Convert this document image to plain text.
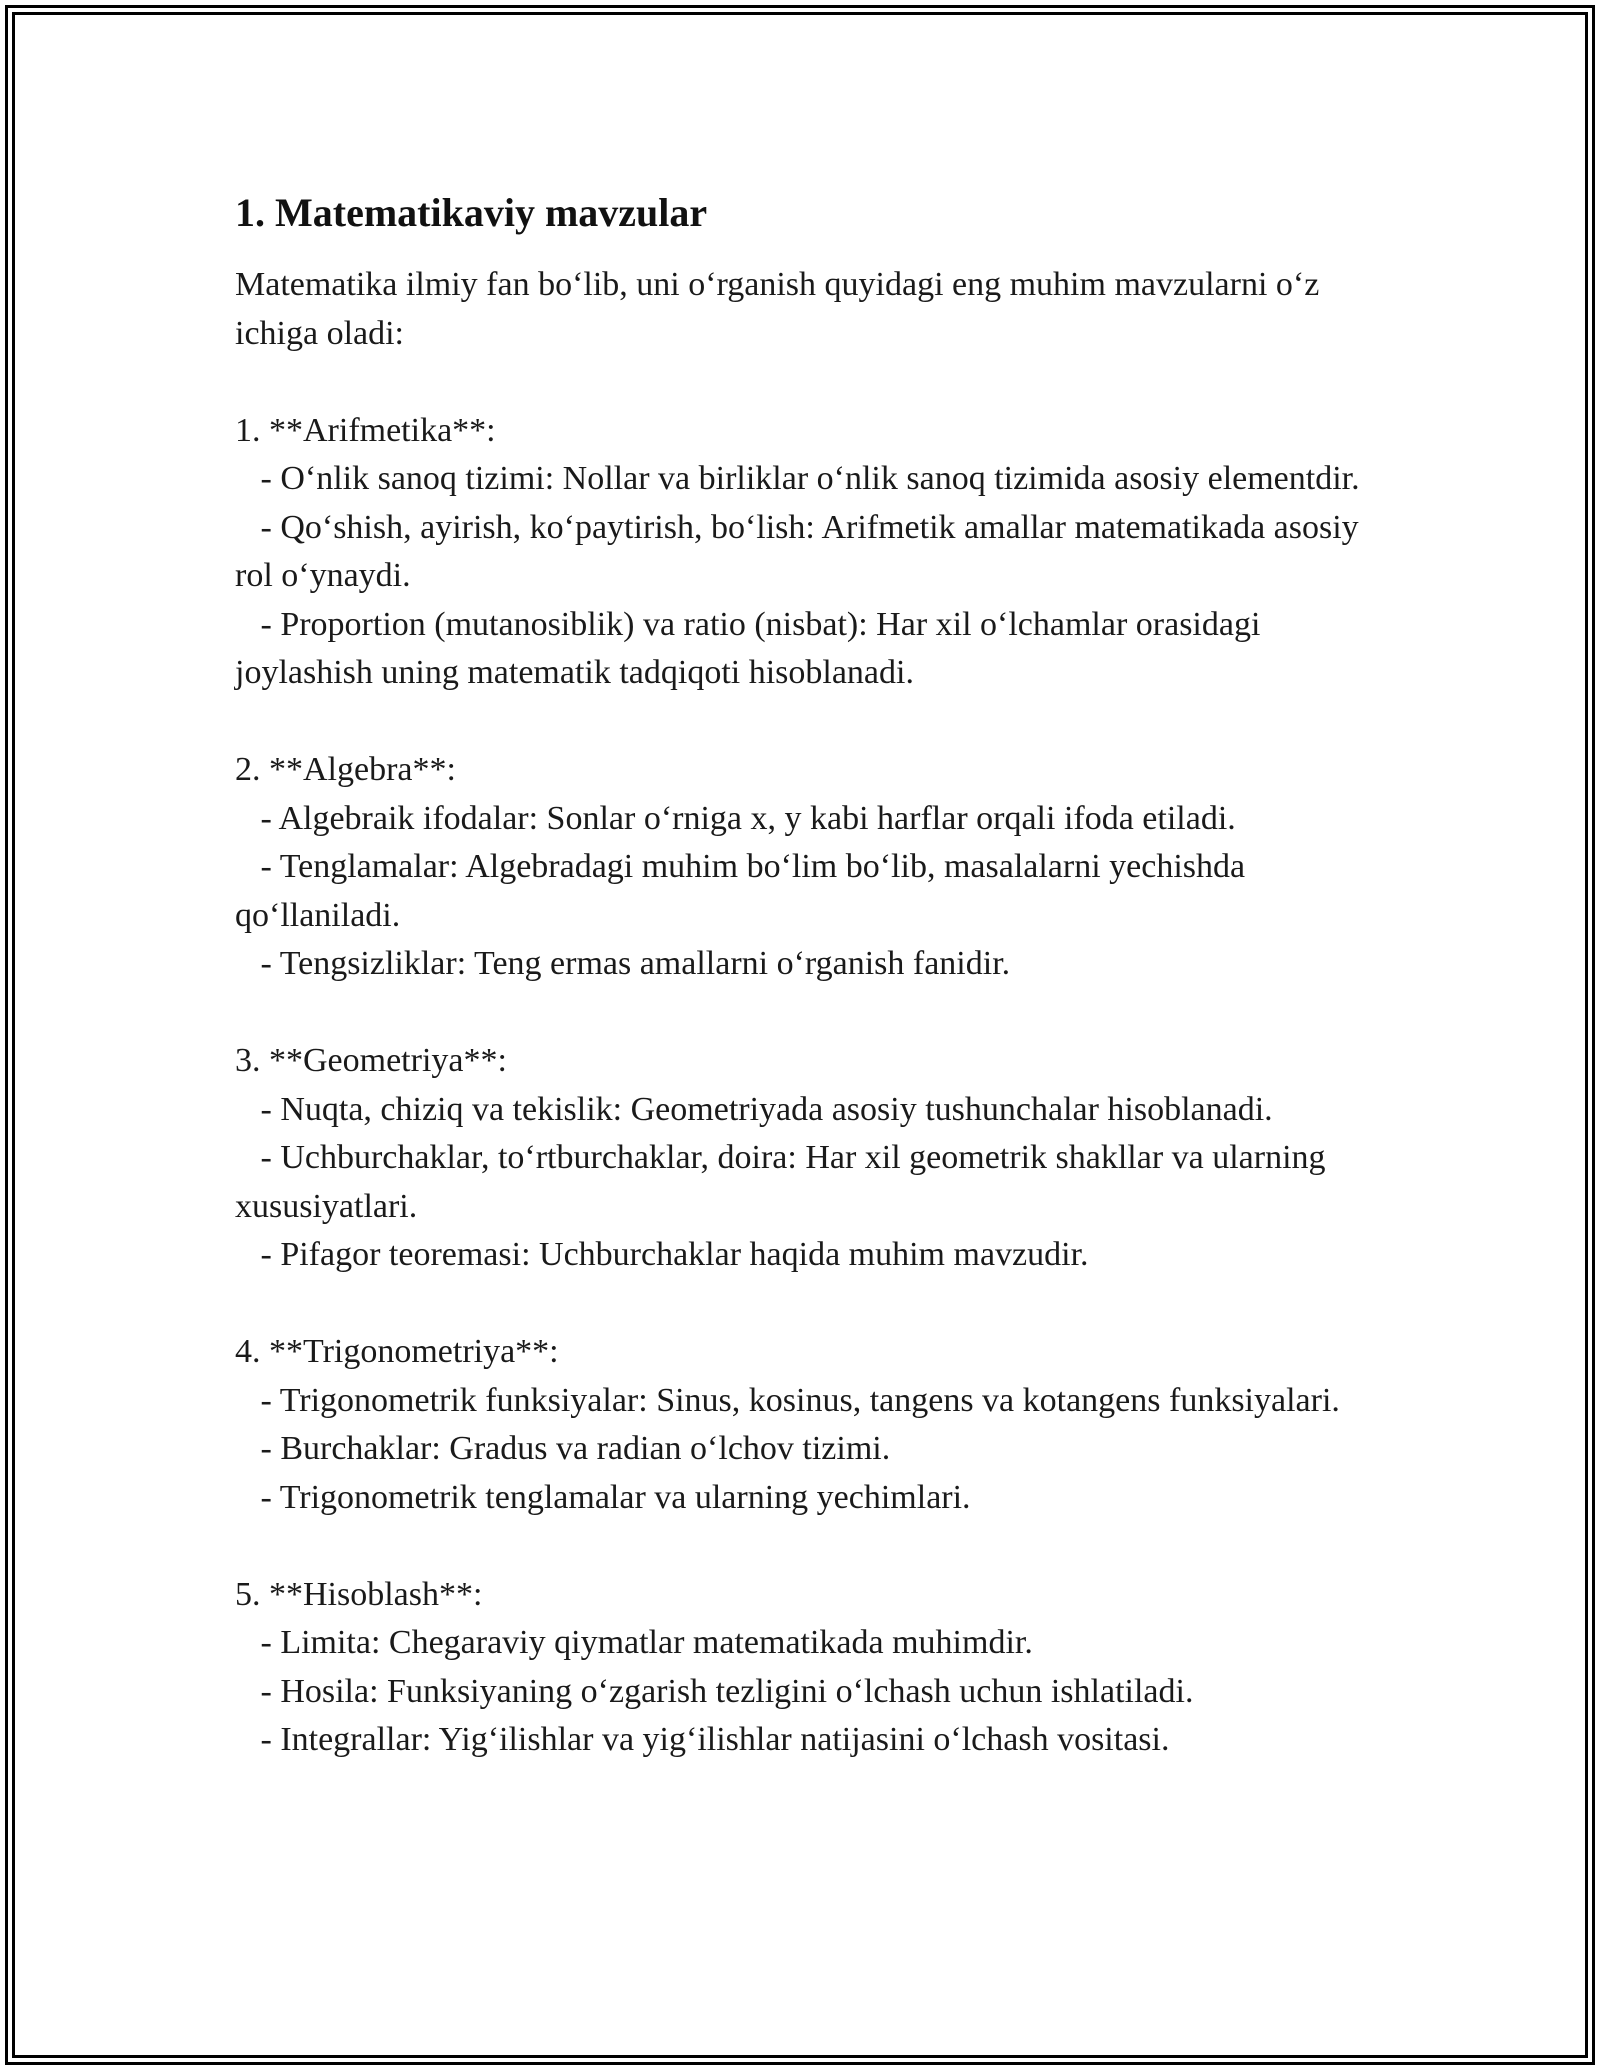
1. Matematikaviy mavzular

Matematika ilmiy fan bo‘lib, uni o‘rganish quyidagi eng muhim mavzularni o‘z ichiga oladi:

1. **Arifmetika**:

- O‘nlik sanoq tizimi: Nollar va birliklar o‘nlik sanoq tizimida asosiy elementdir.

- Qo‘shish, ayirish, ko‘paytirish, bo‘lish: Arifmetik amallar matematikada asosiy rol o‘ynaydi.

- Proportion (mutanosiblik) va ratio (nisbat): Har xil o‘lchamlar orasidagi joylashish uning matematik tadqiqoti hisoblanadi.

2. **Algebra**:

- Algebraik ifodalar: Sonlar o‘rniga x, y kabi harflar orqali ifoda etiladi.

- Tenglamalar: Algebradagi muhim bo‘lim bo‘lib, masalalarni yechishda qo‘llaniladi.

- Tengsizliklar: Teng ermas amallarni o‘rganish fanidir.

3. **Geometriya**:

- Nuqta, chiziq va tekislik: Geometriyada asosiy tushunchalar hisoblanadi.

- Uchburchaklar, to‘rtburchaklar, doira: Har xil geometrik shakllar va ularning xususiyatlari.

- Pifagor teoremasi: Uchburchaklar haqida muhim mavzudir.

4. **Trigonometriya**:

- Trigonometrik funksiyalar: Sinus, kosinus, tangens va kotangens funksiyalari.

- Burchaklar: Gradus va radian o‘lchov tizimi.

- Trigonometrik tenglamalar va ularning yechimlari.

5. **Hisoblash**:

- Limita: Chegaraviy qiymatlar matematikada muhimdir.

- Hosila: Funksiyaning o‘zgarish tezligini o‘lchash uchun ishlatiladi.

- Integrallar: Yig‘ilishlar va yig‘ilishlar natijasini o‘lchash vositasi.
